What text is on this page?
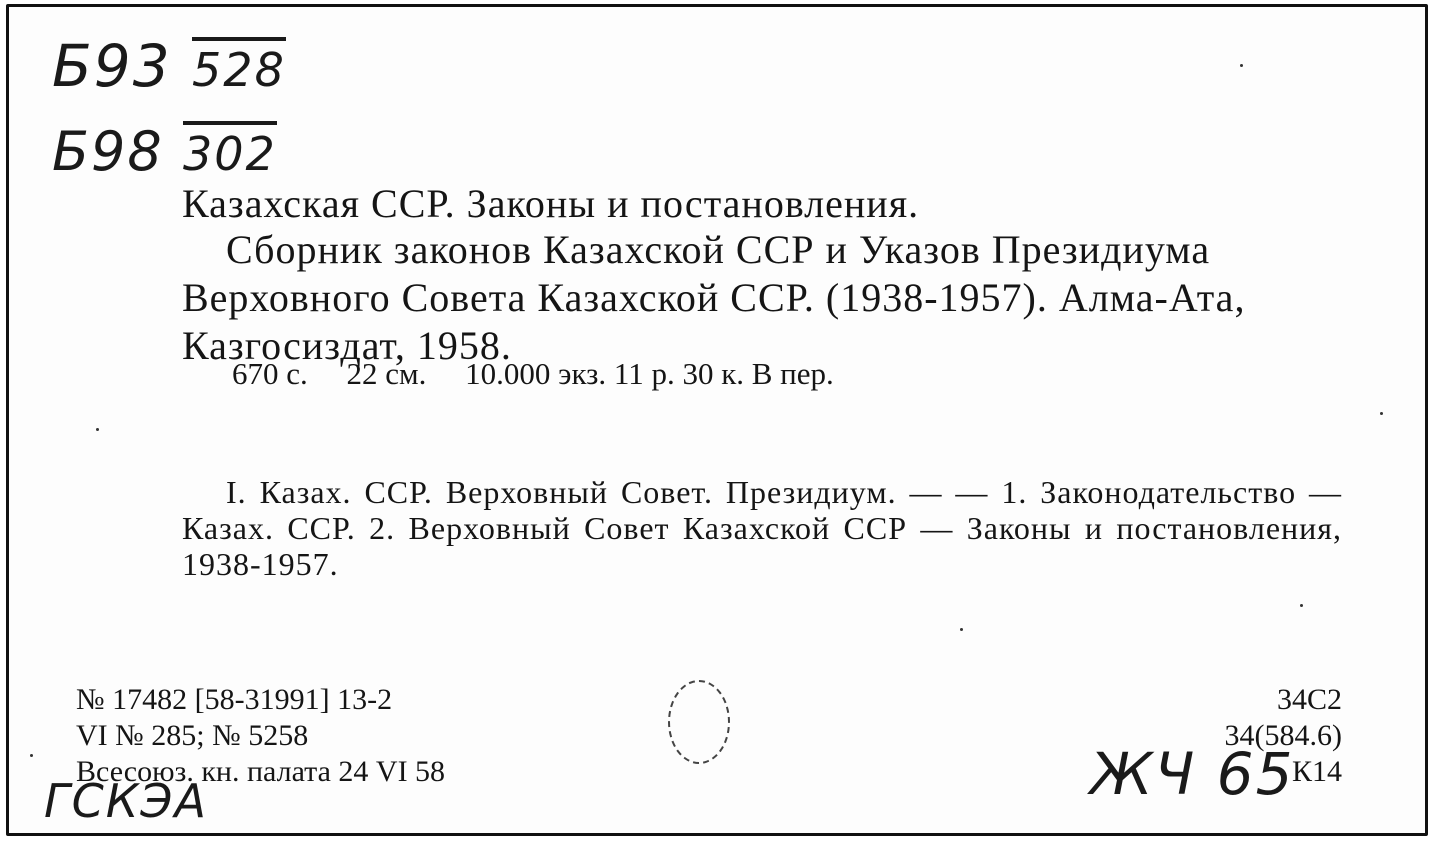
Б93 528
Б98 302
Казахская ССР. Законы и постановления.
Сборник законов Казахской ССР и Указов Президиума Верховного Совета Казахской ССР. (1938-1957). Алма-Ата, Казгосиздат, 1958.
670 с.     22 см.     10.000 экз. 11 р. 30 к. В пер.
I. Казах. ССР. Верховный Совет. Президиум. — — 1. Законодательство — Казах. ССР. 2. Верховный Совет Казахской ССР — Законы и постановления, 1938-1957.
№ 17482 [58-31991] 13-2
VI № 285; № 5258
Всесоюз. кн. палата 24 VI 58
34С2
34(584.6)
К14
ГСКЭА	ЖЧ 65
